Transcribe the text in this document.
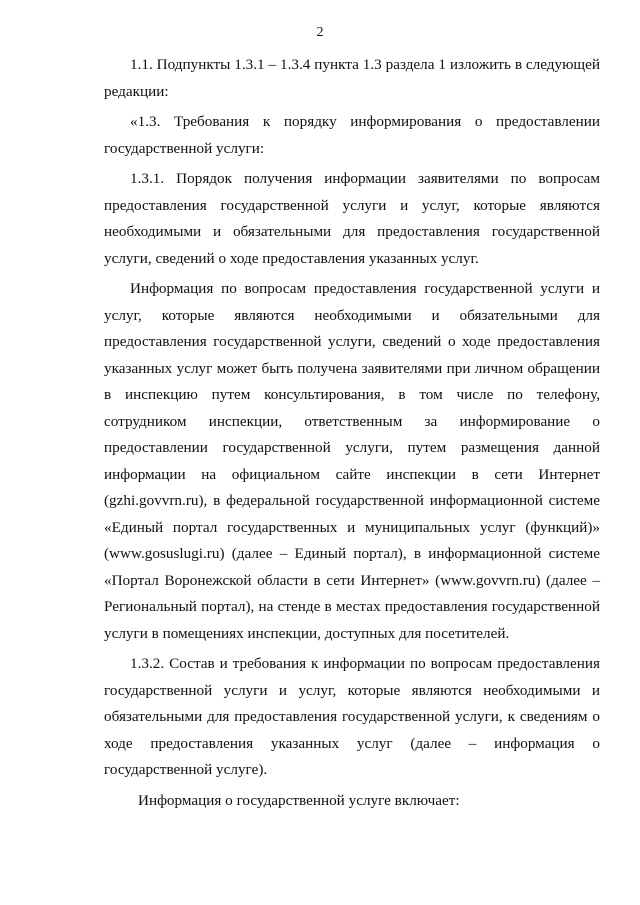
2

1.1. Подпункты 1.3.1 – 1.3.4 пункта 1.3 раздела 1 изложить в следующей редакции:

«1.3. Требования к порядку информирования о предоставлении государственной услуги:

1.3.1. Порядок получения информации заявителями по вопросам предоставления государственной услуги и услуг, которые являются необходимыми и обязательными для предоставления государственной услуги, сведений о ходе предоставления указанных услуг.

Информация по вопросам предоставления государственной услуги и услуг, которые являются необходимыми и обязательными для предоставления государственной услуги, сведений о ходе предоставления указанных услуг может быть получена заявителями при личном обращении в инспекцию путем консультирования, в том числе по телефону, сотрудником инспекции, ответственным за информирование о предоставлении государственной услуги, путем размещения данной информации на официальном сайте инспекции в сети Интернет (gzhi.govvrn.ru), в федеральной государственной информационной системе «Единый портал государственных и муниципальных услуг (функций)» (www.gosuslugi.ru) (далее – Единый портал), в информационной системе «Портал Воронежской области в сети Интернет» (www.govvrn.ru) (далее – Региональный портал), на стенде в местах предоставления государственной услуги в помещениях инспекции, доступных для посетителей.

1.3.2. Состав и требования к информации по вопросам предоставления государственной услуги и услуг, которые являются необходимыми и обязательными для предоставления государственной услуги, к сведениям о ходе предоставления указанных услуг (далее – информация о государственной услуге).

Информация о государственной услуге включает:
